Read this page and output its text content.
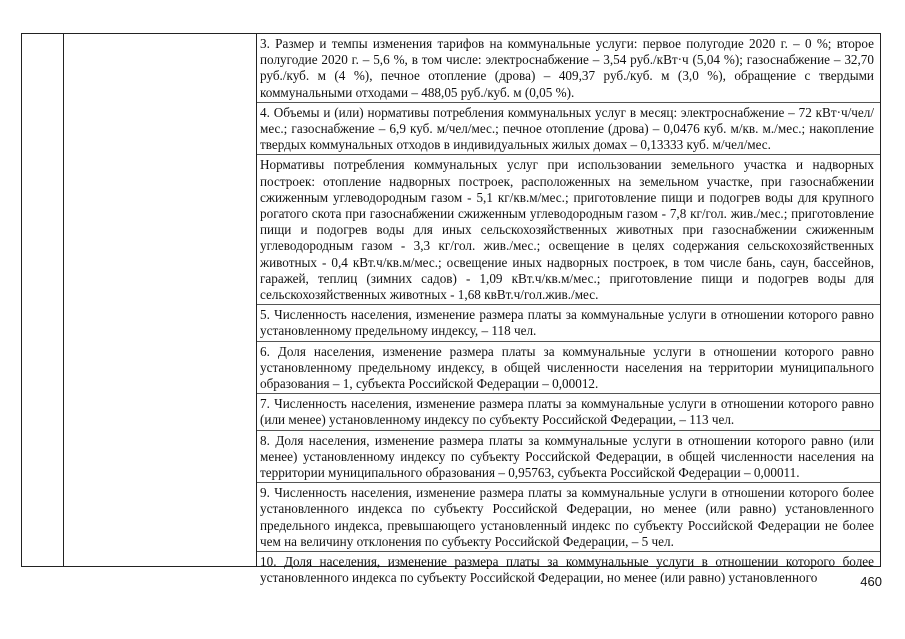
3. Размер и темпы изменения тарифов на коммунальные услуги: первое полугодие 2020 г. – 0 %; второе полугодие 2020 г. – 5,6 %, в том числе: электроснабжение – 3,54 руб./кВт·ч (5,04 %); газоснабжение – 32,70 руб./куб. м (4 %), печное отопление (дрова) – 409,37 руб./куб. м (3,0 %), обращение с твердыми коммунальными отходами – 488,05 руб./куб. м (0,05 %).

4. Объемы и (или) нормативы потребления коммунальных услуг в месяц: электроснабжение – 72 кВт·ч/чел/мес.; газоснабжение – 6,9 куб. м/чел/мес.; печное отопление (дрова) – 0,0476 куб. м/кв. м./мес.; накопление твердых коммунальных отходов в индивидуальных жилых домах – 0,13333 куб. м/чел/мес.

Нормативы потребления коммунальных услуг при использовании земельного участка и надворных построек: отопление надворных построек, расположенных на земельном участке, при газоснабжении сжиженным углеводородным газом - 5,1 кг/кв.м/мес.; приготовление пищи и подогрев воды для крупного рогатого скота при газоснабжении сжиженным углеводородным газом - 7,8 кг/гол. жив./мес.; приготовление пищи и подогрев воды для иных сельскохозяйственных животных при газоснабжении сжиженным углеводородным газом - 3,3 кг/гол. жив./мес.; освещение в целях содержания сельскохозяйственных животных - 0,4 кВт.ч/кв.м/мес.; освещение иных надворных построек, в том числе бань, саун, бассейнов, гаражей, теплиц (зимних садов) - 1,09 кВт.ч/кв.м/мес.; приготовление пищи и подогрев воды для сельскохозяйственных животных - 1,68 квВт.ч/гол.жив./мес.

5. Численность населения, изменение размера платы за коммунальные услуги в отношении которого равно установленному предельному индексу, – 118 чел.

6. Доля населения, изменение размера платы за коммунальные услуги в отношении которого равно установленному предельному индексу, в общей численности населения на территории муниципального образования – 1, субъекта Российской Федерации – 0,00012.

7. Численность населения, изменение размера платы за коммунальные услуги в отношении которого равно (или менее) установленному индексу по субъекту Российской Федерации, – 113 чел.

8. Доля населения, изменение размера платы за коммунальные услуги в отношении которого равно (или менее) установленному индексу по субъекту Российской Федерации, в общей численности населения на территории муниципального образования – 0,95763, субъекта Российской Федерации – 0,00011.

9. Численность населения, изменение размера платы за коммунальные услуги в отношении которого более установленного индекса по субъекту Российской Федерации, но менее (или равно) установленного предельного индекса, превышающего установленный индекс по субъекту Российской Федерации не более чем на величину отклонения по субъекту Российской Федерации, – 5 чел.

10. Доля населения, изменение размера платы за коммунальные услуги в отношении которого более установленного индекса по субъекту Российской Федерации, но менее (или равно) установленного	460
